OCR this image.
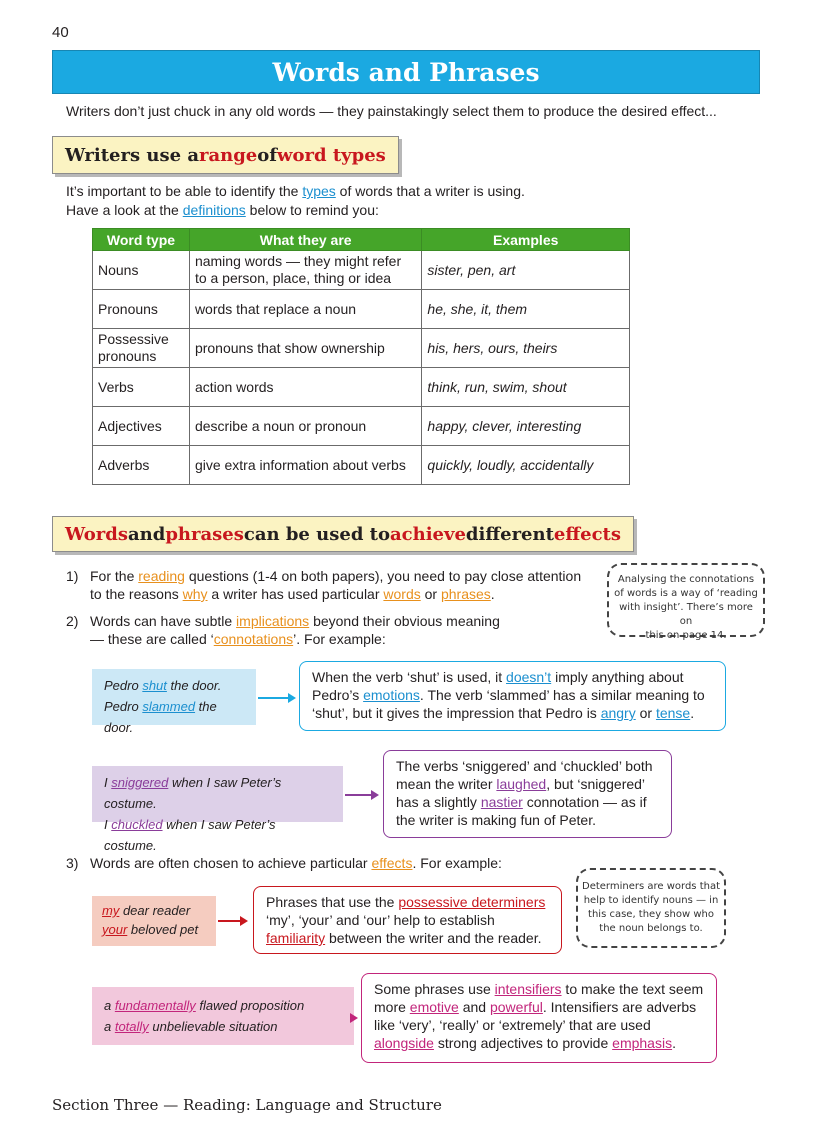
40
Words and Phrases
Writers don’t just chuck in any old words — they painstakingly select them to produce the desired effect...
Writers use a range of word types
It’s important to be able to identify the types of words that a writer is using.
Have a look at the definitions below to remind you:
Word type	What they are	Examples
Nouns	naming words — they might refer to a person, place, thing or idea	sister, pen, art
Pronouns	words that replace a noun	he, she, it, them
Possessive pronouns	pronouns that show ownership	his, hers, ours, theirs
Verbs	action words	think, run, swim, shout
Adjectives	describe a noun or pronoun	happy, clever, interesting
Adverbs	give extra information about verbs	quickly, loudly, accidentally
Words and phrases can be used to achieve different effects
1) For the reading questions (1-4 on both papers), you need to pay close attention
to the reasons why a writer has used particular words or phrases.
2) Words can have subtle implications beyond their obvious meaning
— these are called ‘connotations’. For example:
Analysing the connotations
of words is a way of ‘reading
with insight’. There’s more on
this on page 14.
Pedro shut the door.
Pedro slammed the door.
When the verb ‘shut’ is used, it doesn’t imply anything about Pedro’s emotions. The verb ‘slammed’ has a similar meaning to ‘shut’, but it gives the impression that Pedro is angry or tense.
I sniggered when I saw Peter’s costume.
I chuckled when I saw Peter’s costume.
The verbs ‘sniggered’ and ‘chuckled’ both mean the writer laughed, but ‘sniggered’ has a slightly nastier connotation — as if the writer is making fun of Peter.
3) Words are often chosen to achieve particular effects. For example:
Determiners are words that
help to identify nouns — in
this case, they show who
the noun belongs to.
my dear reader
your beloved pet
Phrases that use the possessive determiners ‘my’, ‘your’ and ‘our’ help to establish familiarity between the writer and the reader.
a fundamentally flawed proposition
a totally unbelievable situation
Some phrases use intensifiers to make the text seem more emotive and powerful. Intensifiers are adverbs like ‘very’, ‘really’ or ‘extremely’ that are used alongside strong adjectives to provide emphasis.
Section Three — Reading: Language and Structure
